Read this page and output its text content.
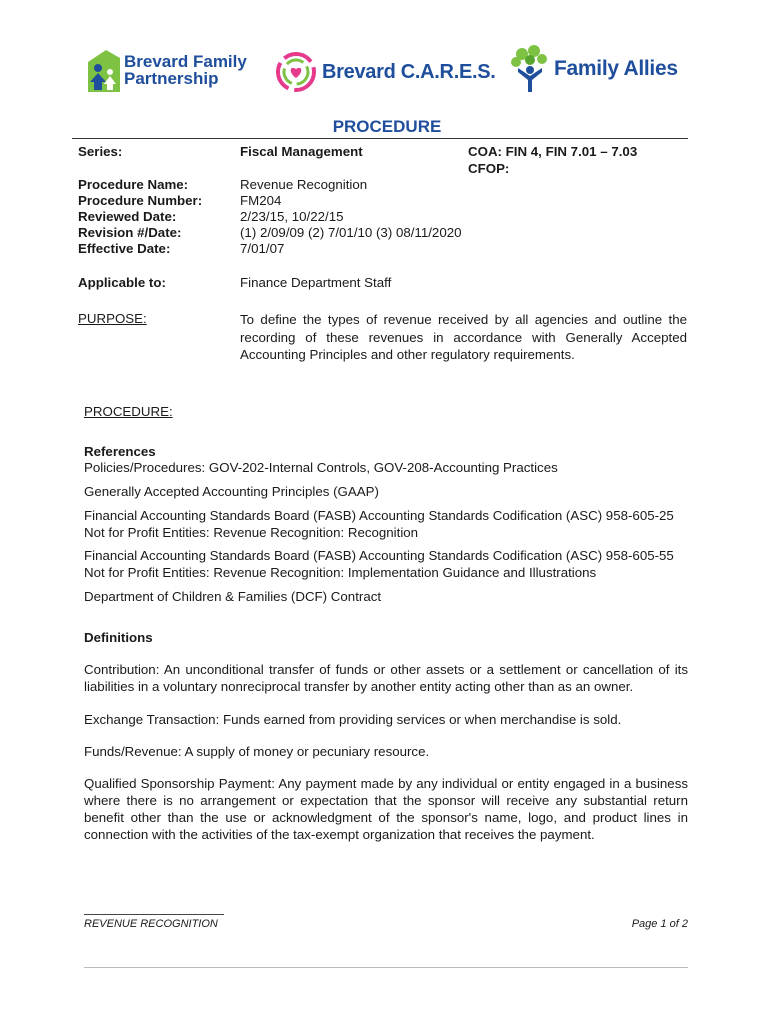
Brevard Family
Partnership	Brevard C.A.R.E.S.	Family Allies
PROCEDURE
Series:	Fiscal Management	COA: FIN 4, FIN 7.01 – 7.03
CFOP:
Procedure Name:	Revenue Recognition
Procedure Number:	FM204
Reviewed Date:	2/23/15, 10/22/15
Revision #/Date:	(1) 2/09/09 (2) 7/01/10 (3) 08/11/2020
Effective Date:	7/01/07
Applicable to:	Finance Department Staff
PURPOSE:	To define the types of revenue received by all agencies and outline the recording of these revenues in accordance with Generally Accepted Accounting Principles and other regulatory requirements.
PROCEDURE:
References
Policies/Procedures: GOV-202-Internal Controls, GOV-208-Accounting Practices
Generally Accepted Accounting Principles (GAAP)
Financial Accounting Standards Board (FASB) Accounting Standards Codification (ASC) 958-605-25 Not for Profit Entities: Revenue Recognition: Recognition
Financial Accounting Standards Board (FASB) Accounting Standards Codification (ASC) 958-605-55 Not for Profit Entities: Revenue Recognition: Implementation Guidance and Illustrations
Department of Children & Families (DCF) Contract
Definitions
Contribution: An unconditional transfer of funds or other assets or a settlement or cancellation of its liabilities in a voluntary nonreciprocal transfer by another entity acting other than as an owner.
Exchange Transaction: Funds earned from providing services or when merchandise is sold.
Funds/Revenue: A supply of money or pecuniary resource.
Qualified Sponsorship Payment: Any payment made by any individual or entity engaged in a business where there is no arrangement or expectation that the sponsor will receive any substantial return benefit other than the use or acknowledgment of the sponsor's name, logo, and product lines in connection with the activities of the tax-exempt organization that receives the payment.
REVENUE RECOGNITION	Page 1 of 2
